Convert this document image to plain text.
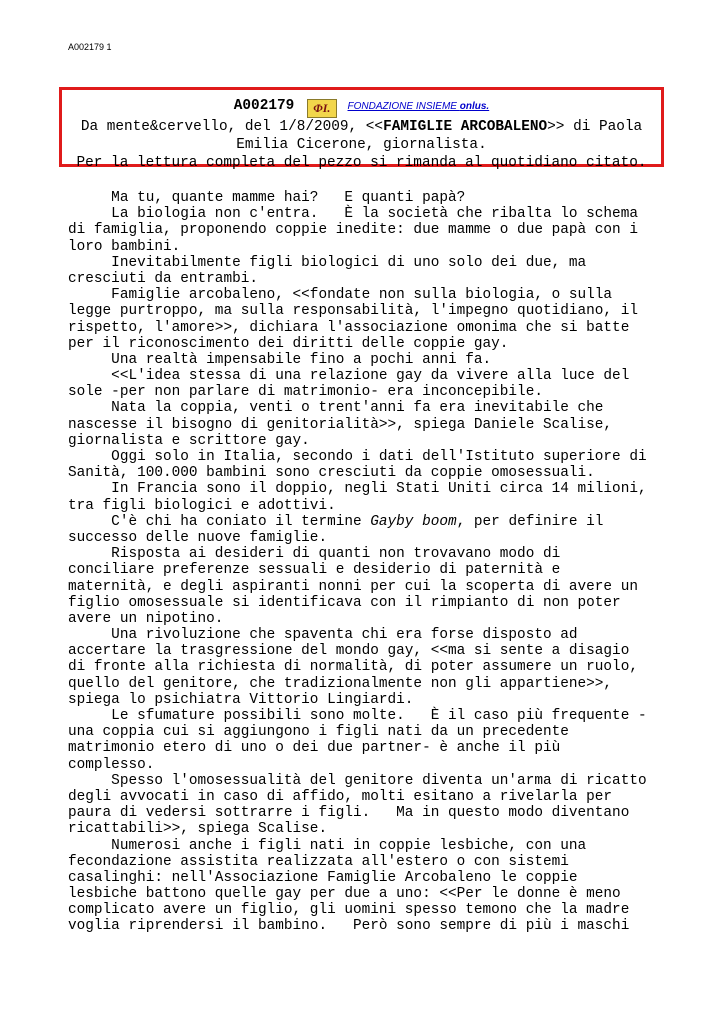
A002179 1
A002179 ΦI. FONDAZIONE INSIEME onlus.
Da mente&cervello, del 1/8/2009, <<FAMIGLIE ARCOBALENO>> di Paola
Emilia Cicerone, giornalista.
Per la lettura completa del pezzo si rimanda al quotidiano citato.
Ma tu, quante mamme hai?   E quanti papà?
La biologia non c'entra.   È la società che ribalta lo schema
di famiglia, proponendo coppie inedite: due mamme o due papà con i
loro bambini.
Inevitabilmente figli biologici di uno solo dei due, ma
cresciuti da entrambi.
Famiglie arcobaleno, <<fondate non sulla biologia, o sulla
legge purtroppo, ma sulla responsabilità, l'impegno quotidiano, il
rispetto, l'amore>>, dichiara l'associazione omonima che si batte
per il riconoscimento dei diritti delle coppie gay.
Una realtà impensabile fino a pochi anni fa.
<<L'idea stessa di una relazione gay da vivere alla luce del
sole -per non parlare di matrimonio- era inconcepibile.
Nata la coppia, venti o trent'anni fa era inevitabile che
nascesse il bisogno di genitorialità>>, spiega Daniele Scalise,
giornalista e scrittore gay.
Oggi solo in Italia, secondo i dati dell'Istituto superiore di
Sanità, 100.000 bambini sono cresciuti da coppie omosessuali.
In Francia sono il doppio, negli Stati Uniti circa 14 milioni,
tra figli biologici e adottivi.
C'è chi ha coniato il termine Gayby boom, per definire il
successo delle nuove famiglie.
Risposta ai desideri di quanti non trovavano modo di
conciliare preferenze sessuali e desiderio di paternità e
maternità, e degli aspiranti nonni per cui la scoperta di avere un
figlio omosessuale si identificava con il rimpianto di non poter
avere un nipotino.
Una rivoluzione che spaventa chi era forse disposto ad
accertare la trasgressione del mondo gay, <<ma si sente a disagio
di fronte alla richiesta di normalità, di poter assumere un ruolo,
quello del genitore, che tradizionalmente non gli appartiene>>,
spiega lo psichiatra Vittorio Lingiardi.
Le sfumature possibili sono molte.   È il caso più frequente -
una coppia cui si aggiungono i figli nati da un precedente
matrimonio etero di uno o dei due partner- è anche il più
complesso.
Spesso l'omosessualità del genitore diventa un'arma di ricatto
degli avvocati in caso di affido, molti esitano a rivelarla per
paura di vedersi sottrarre i figli.   Ma in questo modo diventano
ricattabili>>, spiega Scalise.
Numerosi anche i figli nati in coppie lesbiche, con una
fecondazione assistita realizzata all'estero o con sistemi
casalinghi: nell'Associazione Famiglie Arcobaleno le coppie
lesbiche battono quelle gay per due a uno: <<Per le donne è meno
complicato avere un figlio, gli uomini spesso temono che la madre
voglia riprendersi il bambino.   Però sono sempre di più i maschi
